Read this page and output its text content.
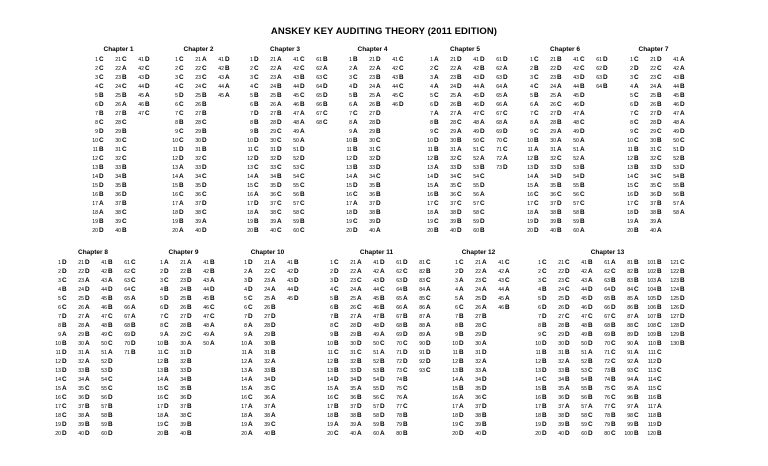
ANSKEY KEY AUDITING THEORY (2011 EDITION)
Chapter 1
1 C
2 C
3 C
4 C
5 B
6 D
7 B
8 C
9 D
10 C
11 B
12 C
13 B
14 D
15 D
16 B
17 A
18 A
19 B
20 D
21 C
22 A
23 B
24 C
25 B
26 A
27 B
28 C
29 B
30 C
31 C
32 C
33 B
34 B
35 B
36 D
37 B
38 C
39 C
40 B
41 D
42 C
43 D
44 D
45 A
46 B
47 C
Chapter 2
1 C
2 C
3 C
4 C
5 D
6 C
7 C
8 B
9 C
10 C
11 D
12 D
13 A
14 A
15 B
16 C
17 A
18 D
19 B
20 A
21 A
22 C
23 C
24 C
25 B
26 B
27 B
28 C
29 B
30 D
31 B
32 C
33 D
34 C
35 D
36 C
37 D
38 C
39 A
40 D
41 D
42 B
43 A
44 A
45 A
Chapter 3
1 D
2 C
3 C
4 C
5 B
6 B
7 D
8 B
9 B
10 D
11 C
12 D
13 C
14 A
15 C
16 A
17 D
18 A
19 B
20 B
21 A
22 A
23 A
24 B
25 B
26 A
27 B
28 D
29 C
30 C
31 D
32 D
33 C
34 B
35 D
36 C
37 C
38 C
39 A
40 C
41 C
42 C
43 B
44 D
45 C
46 B
47 A
48 A
49 A
50 A
51 D
52 D
53 C
54 C
55 C
56 B
57 C
58 C
59 B
60 C
61 B
62 A
63 C
64 D
65 D
66 B
67 C
68 C
Chapter 4
1 B
2 A
3 C
4 D
5 B
6 A
7 C
8 A
9 A
10 B
11 B
12 D
13 B
14 A
15 D
16 C
17 A
18 D
19 C
20 D
21 D
22 A
23 B
24 A
25 A
26 B
27 D
28 D
29 B
30 C
31 C
32 D
33 D
34 C
35 B
36 B
37 D
38 B
39 D
40 A
41 C
42 C
43 B
44 C
45 C
46 D
Chapter 5
1 A
2 C
3 A
4 A
5 C
6 D
7 A
8 B
9 C
10 D
11 B
12 B
13 A
14 D
15 A
16 B
17 C
18 A
19 C
20 B
21 D
22 A
23 B
24 D
25 A
26 B
27 A
28 C
29 A
30 B
31 A
32 C
33 D
34 C
35 C
36 C
37 C
38 D
39 B
40 D
41 D
42 B
43 D
44 A
45 D
46 D
47 C
48 A
49 D
50 C
51 C
52 A
53 B
54 C
55 D
56 A
57 C
58 C
59 D
60 B
61 D
62 A
63 D
64 A
65 A
66 A
67 C
68 A
69 D
70 C
71 C
72 A
73 D
Chapter 6
1 C
2 B
3 C
4 C
5 B
6 A
7 C
8 A
9 C
10 B
11 A
12 B
13 D
14 A
15 A
16 C
17 C
18 A
19 D
20 D
21 B
22 D
23 B
24 A
25 A
26 C
27 D
28 B
29 A
30 A
31 A
32 C
33 D
34 D
35 B
36 C
37 D
38 B
39 B
40 B
41 C
42 C
43 D
44 B
45 D
46 D
47 A
48 C
49 D
50 A
51 A
52 A
53 B
54 D
55 B
56 C
57 C
58 B
59 B
60 A
61 D
62 D
63 D
64 B
Chapter 7
1 C
2 D
3 C
4 A
5 C
6 D
7 C
8 C
9 C
10 C
11 B
12 B
13 B
14 C
15 C
16 D
17 C
18 D
19 A
20 B
21 D
22 C
23 C
24 A
25 B
26 B
27 D
28 D
29 C
30 B
31 C
32 C
33 D
34 C
35 C
36 D
37 B
38 B
39 A
40 A
41 A
42 A
43 B
44 B
45 B
46 D
47 A
48 A
49 D
50 C
51 D
52 B
53 D
54 B
55 B
56 B
57 A
58 A
Chapter 8
1 D
2 D
3 C
4 B
5 C
6 C
7 D
8 B
9 A
10 B
11 D
12 D
13 D
14 C
15 A
16 C
17 C
18 C
19 D
20 D
21 D
22 D
23 A
24 D
25 D
26 A
27 A
28 A
29 B
30 A
31 A
32 A
33 B
34 A
35 C
36 D
37 B
38 A
39 B
40 D
41 B
42 B
43 A
44 D
45 B
46 B
47 C
48 B
49 C
50 C
51 A
52 D
53 D
54 C
55 C
56 D
57 B
58 B
59 B
60 D
61 C
62 C
63 C
64 C
65 A
66 A
67 A
68 B
69 D
70 D
71 B
Chapter 9
1 A
2 D
3 C
4 B
5 D
6 D
7 C
8 C
9 A
10 B
11 C
12 B
13 B
14 A
15 C
16 C
17 D
18 A
19 C
20 B
21 A
22 B
23 D
24 B
25 B
26 B
27 D
28 B
29 C
30 A
31 D
32 B
33 D
34 B
35 B
36 D
37 B
38 C
39 B
40 B
41 B
42 B
43 A
44 D
45 B
46 C
47 C
48 A
49 A
50 A
Chapter 10
1 D
2 A
3 D
4 D
5 C
6 C
7 D
8 A
9 A
10 A
11 A
12 A
13 A
14 A
15 A
16 C
17 A
18 A
19 A
20 A
21 A
22 C
23 A
24 A
25 A
26 B
27 D
28 D
29 B
30 B
31 B
32 A
33 B
34 D
35 C
36 A
37 A
38 A
39 C
40 B
41 B
42 D
43 D
44 D
45 D
Chapter 11
1 C
2 D
3 D
4 C
5 B
6 B
7 B
8 C
9 B
10 B
11 C
12 B
13 B
14 D
15 A
16 C
17 B
18 B
19 A
20 C
21 A
22 A
23 C
24 A
25 A
26 C
27 A
28 D
29 B
30 D
31 C
32 B
33 D
34 D
35 A
36 B
37 D
38 B
39 A
40 A
41 D
42 A
43 D
44 C
45 B
46 B
47 B
48 D
49 A
50 C
51 A
52 B
53 B
54 D
55 D
56 C
57 D
58 D
59 B
60 A
61 D
62 C
63 D
64 B
65 A
66 A
67 B
68 B
69 D
70 C
71 D
72 D
73 C
74 B
75 C
76 A
77 C
78 B
79 B
80 B
81 C
82 B
83 C
84 A
85 C
86 A
87 A
88 A
89 A
90 D
91 D
92 D
93 C
Chapter 12
1 C
2 D
3 A
4 A
5 A
6 C
7 B
8 B
9 B
10 D
11 B
12 B
13 B
14 A
15 B
16 A
17 A
18 D
19 C
20 D
21 A
22 A
23 C
24 A
25 D
26 A
27 B
28 C
29 D
30 A
31 D
32 A
33 A
34 D
35 D
36 C
37 D
38 B
39 B
40 D
41 C
42 A
43 C
44 A
45 A
46 B
Chapter 13
1 C
2 C
3 C
4 B
5 D
6 D
7 D
8 B
9 C
10 D
11 B
12 B
13 D
14 C
15 B
16 B
17 B
18 B
19 D
20 D
21 C
22 D
23 C
24 C
25 D
26 D
27 C
28 B
29 D
30 D
31 B
32 A
33 B
34 B
35 A
36 D
37 A
38 D
39 B
40 D
41 B
42 A
43 A
44 D
45 D
46 D
47 C
48 B
49 B
50 D
51 A
52 B
53 C
54 B
55 B
56 B
57 A
58 C
59 C
60 D
61 A
62 C
63 B
64 D
65 B
66 D
67 C
68 B
69 B
70 C
71 C
72 C
73 B
74 B
75 C
76 C
77 C
78 B
79 B
80 C
81 B
82 B
83 B
84 C
85 A
86 B
87 A
88 C
89 D
90 A
91 A
92 A
93 C
94 A
95 A
96 B
97 A
98 C
99 B
100 B
101 B
102 B
103 A
104 B
105 D
106 B
107 B
108 C
109 B
110 B
111 C
112 D
113 C
114 C
115 C
116 B
117 A
118 B
119 D
120 B
121 C
122 B
123 B
124 B
125 D
126 D
127 D
128 D
129 B
130 B
